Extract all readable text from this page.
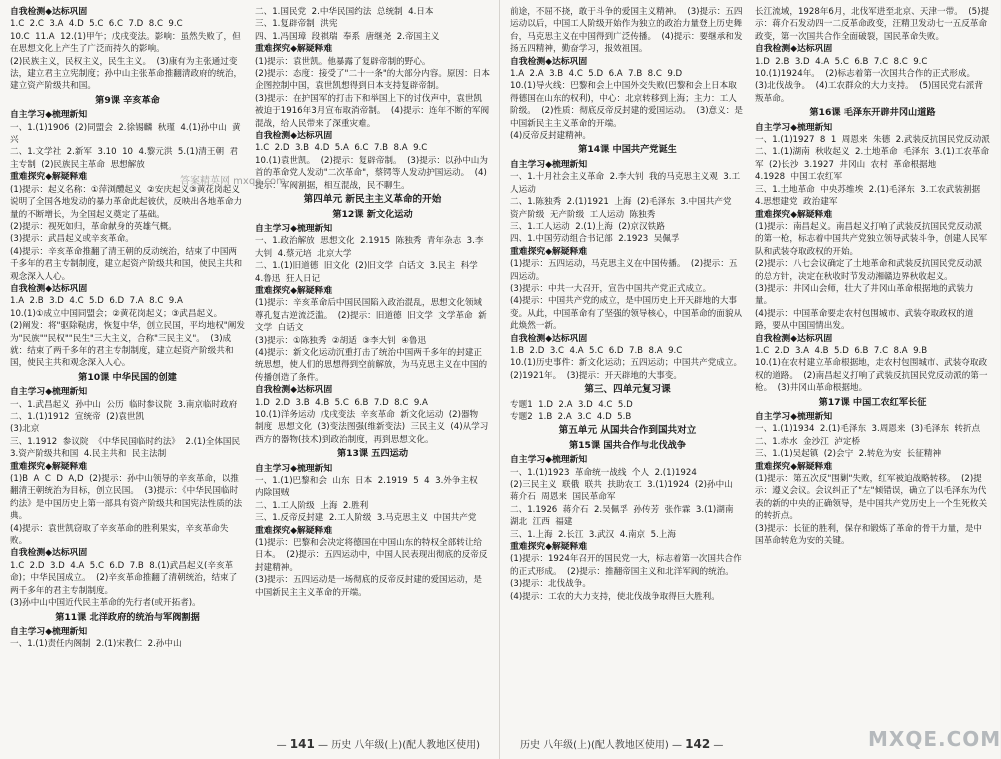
自我检测◆达标巩固
1.C  2.C  3.A  4.D  5.C  6.C  7.D  8.C  9.C
10.C  11.A  12.(1)甲午；戊戌变法。影响：虽然失败了，但在思想文化上产生了广泛而持久的影响。
(2)民族主义，民权主义，民生主义。  (3)康有为主张通过变法，建立君主立宪制度；孙中山主张革命推翻清政府的统治，建立资产阶级共和国。
第9课 辛亥革命
自主学习◆梳理新知
一、1.(1)1906  (2)同盟会  2.徐锡麟  秋瑾  4.(1)孙中山  黄兴
二、1.文学社  2.新军  3.10  10  4.黎元洪  5.(1)清王朝  君主专制  (2)民族民主革命  思想解放
重难探究◆解疑释难
(1)提示：起义名称：①萍浏醴起义  ②安庆起义③黄花岗起义  说明了全国各地发动的暴力革命此起彼伏，反映出各地革命力量的不断增长，为全国起义奠定了基础。
(2)提示：视死如归，革命献身的英雄气概。
(3)提示：武昌起义或辛亥革命。
(4)提示：辛亥革命推翻了清王朝的反动统治，结束了中国两千多年的君主专制制度，建立起资产阶级共和国，使民主共和观念深入人心。
自我检测◆达标巩固
1.A  2.B  3.D  4.C  5.D  6.D  7.A  8.C  9.A
10.(1)①成立中国同盟会；②黄花岗起义；③武昌起义。
(2)阐发：将"驱除鞑虏，恢复中华，创立民国，平均地权"阐发为"民族""民权""民生"三大主义，合称"三民主义"。  (3)成就：结束了两千多年的君主专制制度，建立起资产阶级共和国，使民主共和观念深入人心。
第10课 中华民国的创建
自主学习◆梳理新知
一、1.武昌起义  孙中山  公历  临时参议院  3.南京临时政府
二、1.(1)1912  宣统帝  (2)袁世凯
(3)北京
三、1.1912  参议院  《中华民国临时约法》  2.(1)全体国民  3.资产阶级共和国  4.民主共和  民主法制
重难探究◆解疑释难
(1)B  A  C  D  A,D  (2)提示：孙中山领导的辛亥革命，以推翻清王朝统治为目标，创立民国。  (3)提示：《中华民国临时约法》是中国历史上第一部具有资产阶级共和国宪法性质的法典。
(4)提示：袁世凯窃取了辛亥革命的胜利果实，辛亥革命失败。
自我检测◆达标巩固
1.C  2.D  3.D  4.A  5.C  6.D  7.B  8.(1)武昌起义(辛亥革命)；中华民国成立。  (2)辛亥革命推翻了清朝统治，结束了两千多年的君主专制制度。
(3)孙中山中国近代民主革命的先行者(或开拓者)。
第11课 北洋政府的统治与军阀割据
自主学习◆梳理新知
一、1.(1)责任内阁制  2.(1)宋教仁  2.孙中山
二、1.国民党  2.中华民国约法  总统制  4.日本
三、1.复辟帝制  洪宪
四、1.冯国璋  段祺瑞  奉系  唐继尧  2.帝国主义
重难探究◆解疑释难
(1)提示：袁世凯。他暴露了复辟帝制的野心。
(2)提示：态度：接受了"二十一条"的大部分内容。原因：日本企图控制中国，袁世凯想得到日本支持复辟帝制。
(3)提示：在护国军的打击下和举国上下的讨伐声中，袁世凯被迫于1916年3月宣布取消帝制。  (4)提示：连年不断的军阀混战，给人民带来了深重灾难。
自我检测◆达标巩固
1.C  2.D  3.B  4.D  5.A  6.C  7.B  8.A  9.C
10.(1)袁世凯。  (2)提示：复辟帝制。  (3)提示：以孙中山为首的革命党人发动"二次革命"，蔡锷等人发动护国运动。  (4)提示：军阀割据，相互混战，民不聊生。
第四单元 新民主主义革命的开始
第12课 新文化运动
自主学习◆梳理新知
一、1.政治解放  思想文化  2.1915  陈独秀  青年杂志  3.李大钊  4.蔡元培  北京大学
二、1.(1)旧道德  旧文化  (2)旧文学  白话文  3.民主  科学  4.鲁迅  狂人日记
重难探究◆解疑释难
(1)提示：辛亥革命后中国民国陷入政治混乱，思想文化领域尊孔复古逆流泛滥。  (2)提示：旧道德  旧文学  文学革命  新文学  白话文
(3)提示：①陈独秀  ②胡适  ③李大钊  ④鲁迅
(4)提示：新文化运动沉重打击了统治中国两千多年的封建正统思想，使人们的思想得到空前解放，为马克思主义在中国的传播创造了条件。
自我检测◆达标巩固
1.D  2.D  3.B  4.B  5.C  6.B  7.D  8.C  9.A
10.(1)洋务运动  戊戌变法  辛亥革命  新文化运动  (2)器物  制度  思想文化  (3)变法图强(维新变法)  三民主义  (4)从学习西方的器物(技术)到政治制度，再到思想文化。
第13课 五四运动
自主学习◆梳理新知
一、1.(1)巴黎和会  山东  日本  2.1919  5  4  3.外争主权  内除国贼
二、1.工人阶级  上海  2.胜利
三、1.反帝反封建  2.工人阶级  3.马克思主义  中国共产党
重难探究◆解疑释难
(1)提示：巴黎和会决定将德国在中国山东的特权全部转让给日本。  (2)提示：五四运动中，中国人民表现出彻底的反帝反封建精神。
(3)提示：五四运动是一场彻底的反帝反封建的爱国运动，是中国新民主主义革命的开端。
答案精英网 mxqe.com
— 141 — 历史 八年级(上)(配人教地区使用)
前途，不屈不挠，敢于斗争的爱国主义精神。  (3)提示：五四运动以后，中国工人阶级开始作为独立的政治力量登上历史舞台，马克思主义在中国得到广泛传播。  (4)提示：要继承和发扬五四精神，勤奋学习，报效祖国。
自我检测◆达标巩固
1.A  2.A  3.B  4.C  5.D  6.A  7.B  8.C  9.D
10.(1)导火线：巴黎和会上中国外交失败(巴黎和会上日本取得德国在山东的权利)，中心：北京转移到上海；主力：工人阶级。  (2)性质：彻底反帝反封建的爱国运动。  (3)意义：是中国新民主主义革命的开端。
(4)反帝反封建精神。
第14课 中国共产党诞生
自主学习◆梳理新知
一、1.十月社会主义革命  2.李大钊  我的马克思主义观  3.工人运动
二、1.陈独秀  2.(1)1921  上海  (2)毛泽东  3.中国共产党  资产阶级  无产阶级  工人运动  陈独秀
三、1.工人运动  2.(1)上海  (2)京汉铁路
四、1.中国劳动组合书记部  2.1923  吴佩孚
重难探究◆解疑释难
(1)提示：五四运动，马克思主义在中国传播。  (2)提示：五四运动。
(3)提示：中共一大召开，宣告中国共产党正式成立。
(4)提示：中国共产党的成立，是中国历史上开天辟地的大事变。从此，中国革命有了坚强的领导核心，中国革命的面貌从此焕然一新。
自我检测◆达标巩固
1.B  2.D  3.C  4.A  5.C  6.D  7.B  8.A  9.C
10.(1)历史事件：新文化运动；五四运动；中国共产党成立。  (2)1921年。  (3)提示：开天辟地的大事变。
第三、四单元复习课
专题1  1.D  2.A  3.D  4.C  5.D
专题2  1.B  2.A  3.C  4.D  5.B
第五单元 从国共合作到国共对立
第15课 国共合作与北伐战争
自主学习◆梳理新知
一、1.(1)1923  革命统一战线  个人  2.(1)1924
(2)三民主义  联俄  联共  扶助农工  3.(1)1924  (2)孙中山  蒋介石  周恩来  国民革命军
二、1.1926  蒋介石  2.吴佩孚  孙传芳  张作霖  3.(1)湖南  湖北  江西  福建
三、1.上海  2.长江  3.武汉  4.南京  5.上海
重难探究◆解疑释难
(1)提示：1924年召开的国民党一大，标志着第一次国共合作的正式形成。  (2)提示：推翻帝国主义和北洋军阀的统治。  (3)提示：北伐战争。
(4)提示：工农的大力支持，使北伐战争取得巨大胜利。
长江流域，1928年6月，北伐军进至北京、天津一带。  (5)提示：蒋介石发动四一二反革命政变，汪精卫发动七一五反革命政变，第一次国共合作全面破裂，国民革命失败。
自我检测◆达标巩固
1.D  2.B  3.D  4.A  5.C  6.B  7.C  8.C  9.C
10.(1)1924年。  (2)标志着第一次国共合作的正式形成。  (3)北伐战争。  (4)工农群众的大力支持。  (5)国民党右派背叛革命。
第16课 毛泽东开辟井冈山道路
自主学习◆梳理新知
一、1.(1)1927  8  1  周恩来  朱德  2.武装反抗国民党反动派
二、1.(1)湖南  秋收起义  2.土地革命  毛泽东  3.(1)工农革命军  (2)长沙  3.1927  井冈山  农村  革命根据地
4.1928  中国工农红军
三、1.土地革命  中央苏维埃  2.(1)毛泽东  3.工农武装割据  4.思想建党  政治建军
重难探究◆解疑释难
(1)提示：南昌起义。南昌起义打响了武装反抗国民党反动派的第一枪，标志着中国共产党独立领导武装斗争，创建人民军队和武装夺取政权的开始。
(2)提示：八七会议确定了土地革命和武装反抗国民党反动派的总方针，决定在秋收时节发动湘赣边界秋收起义。
(3)提示：井冈山会师，壮大了井冈山革命根据地的武装力量。
(4)提示：中国革命要走农村包围城市、武装夺取政权的道路，要从中国国情出发。
自我检测◆达标巩固
1.C  2.D  3.A  4.B  5.D  6.B  7.C  8.A  9.B
10.(1)在农村建立革命根据地，走农村包围城市、武装夺取政权的道路。  (2)南昌起义打响了武装反抗国民党反动派的第一枪。  (3)井冈山革命根据地。
第17课 中国工农红军长征
自主学习◆梳理新知
一、1.(1)1934  2.(1)毛泽东  3.周恩来  (3)毛泽东  转折点
二、1.赤水  金沙江  泸定桥
三、1.(1)吴起镇  (2)会宁  2.转危为安  长征精神
重难探究◆解疑释难
(1)提示：第五次反"围剿"失败，红军被迫战略转移。  (2)提示：遵义会议。会议纠正了"左"倾错误，确立了以毛泽东为代表的新的中央的正确领导，是中国共产党历史上一个生死攸关的转折点。
(3)提示：长征的胜利，保存和锻炼了革命的骨干力量，是中国革命转危为安的关键。
历史 八年级(上)(配人教地区使用) — 142 —	MXQE.COM
